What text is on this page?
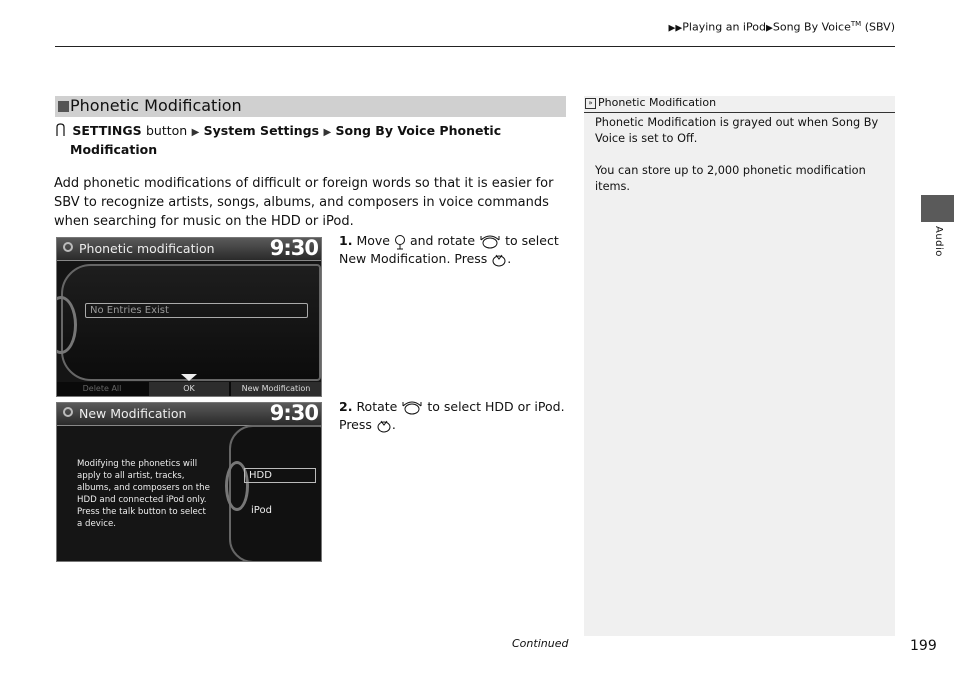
▶▶Playing an iPod▶Song By Voice™ (SBV)
Phonetic Modification
SETTINGS button ▶ System Settings ▶ Song By Voice Phonetic
Modification
Add phonetic modifications of difficult or foreign words so that it is easier for SBV to recognize artists, songs, albums, and composers in voice commands when searching for music on the HDD or iPod.
Phonetic modification	9:30
No Entries Exist
Delete All	OK	New Modification
1. Move and rotate to select
New Modification. Press .
New Modification	9:30
Modifying the phonetics will
apply to all artist, tracks,
albums, and composers on the
HDD and connected iPod only.
Press the talk button to select
a device.
HDD
iPod
2. Rotate to select HDD or iPod.
Press .
» Phonetic Modification

Phonetic Modification is grayed out when Song By Voice is set to Off.

You can store up to 2,000 phonetic modification items.

Audio
Continued	199
